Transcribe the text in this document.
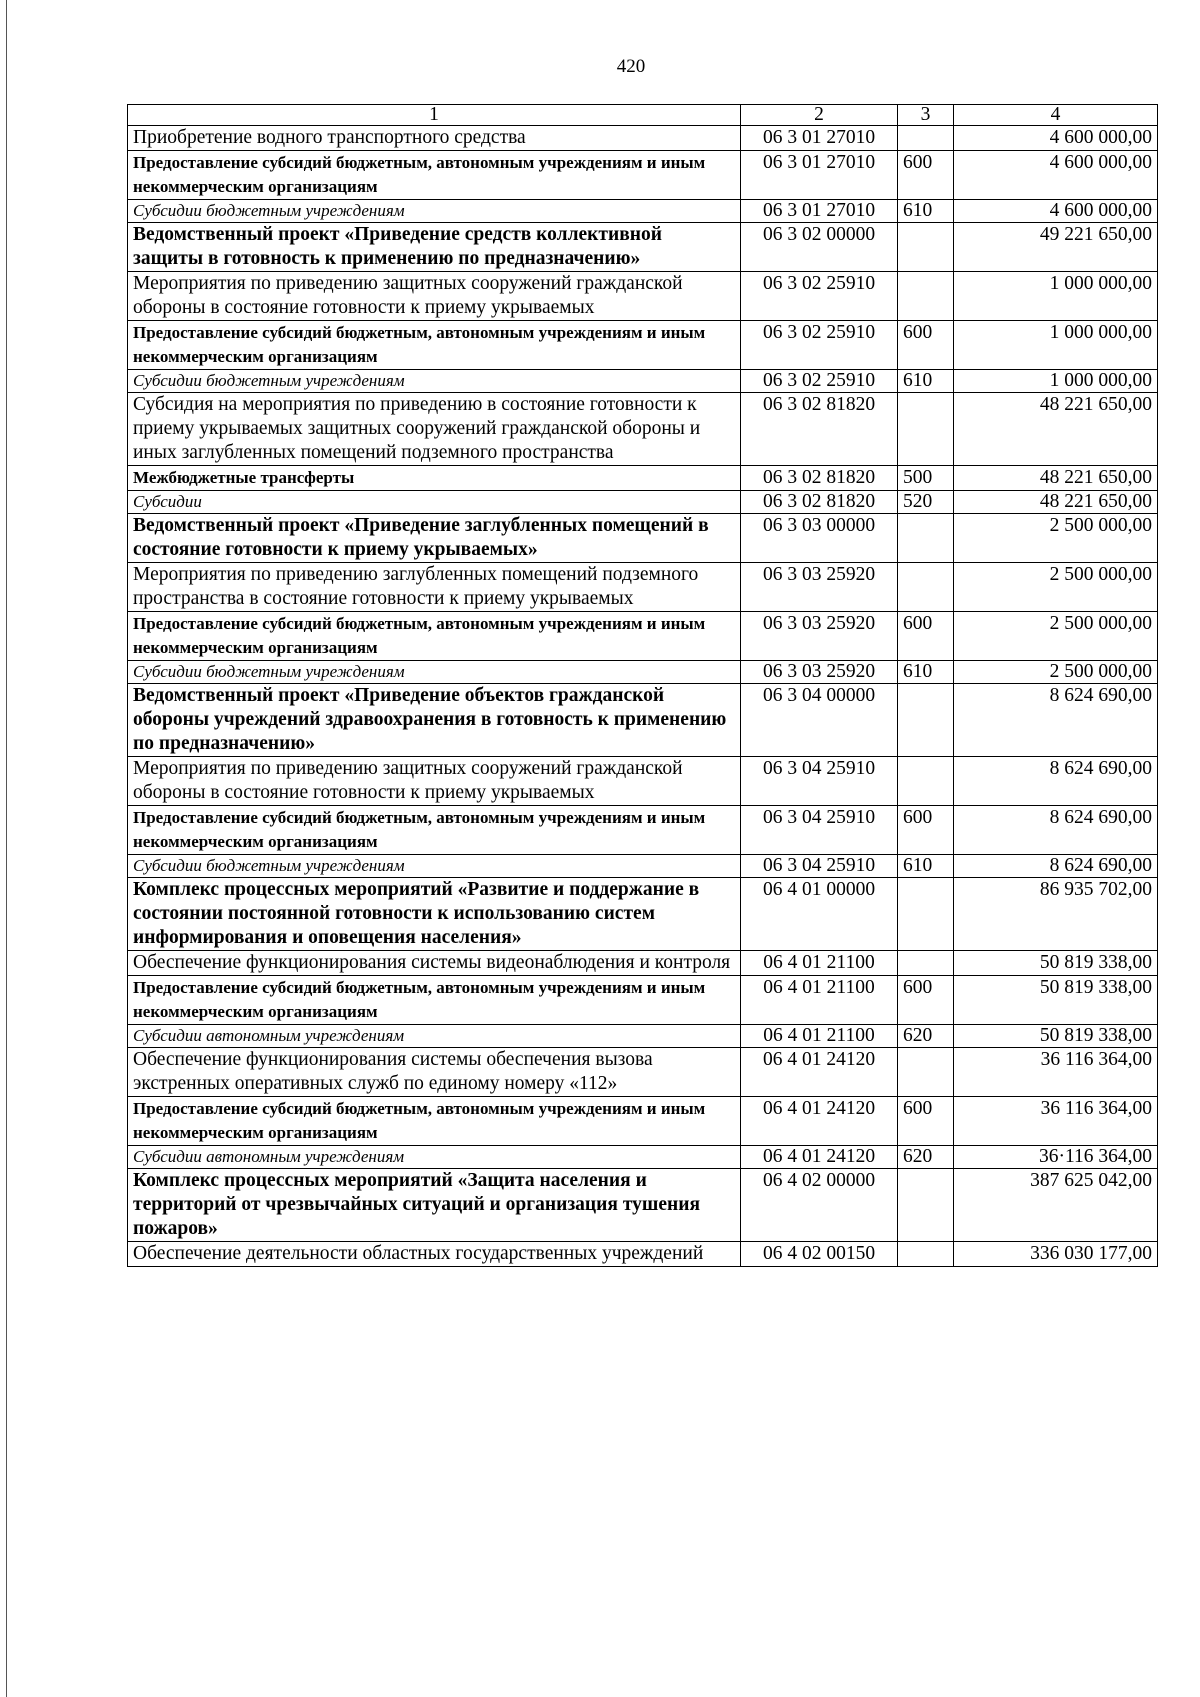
420
1	2	3	4
Приобретение водного транспортного средства	06 3 01 27010		4 600 000,00
Предоставление субсидий бюджетным, автономным учреждениям и иным некоммерческим организациям	06 3 01 27010	600	4 600 000,00
Субсидии бюджетным учреждениям	06 3 01 27010	610	4 600 000,00
Ведомственный проект «Приведение средств коллективной защиты в готовность к применению по предназначению»	06 3 02 00000		49 221 650,00
Мероприятия по приведению защитных сооружений гражданской обороны в состояние готовности к приему укрываемых	06 3 02 25910		1 000 000,00
Предоставление субсидий бюджетным, автономным учреждениям и иным некоммерческим организациям	06 3 02 25910	600	1 000 000,00
Субсидии бюджетным учреждениям	06 3 02 25910	610	1 000 000,00
Субсидия на мероприятия по приведению в состояние готовности к приему укрываемых защитных сооружений гражданской обороны и иных заглубленных помещений подземного пространства	06 3 02 81820		48 221 650,00
Межбюджетные трансферты	06 3 02 81820	500	48 221 650,00
Субсидии	06 3 02 81820	520	48 221 650,00
Ведомственный проект «Приведение заглубленных помещений в состояние готовности к приему укрываемых»	06 3 03 00000		2 500 000,00
Мероприятия по приведению заглубленных помещений подземного пространства в состояние готовности к приему укрываемых	06 3 03 25920		2 500 000,00
Предоставление субсидий бюджетным, автономным учреждениям и иным некоммерческим организациям	06 3 03 25920	600	2 500 000,00
Субсидии бюджетным учреждениям	06 3 03 25920	610	2 500 000,00
Ведомственный проект «Приведение объектов гражданской обороны учреждений здравоохранения в готовность к применению по предназначению»	06 3 04 00000		8 624 690,00
Мероприятия по приведению защитных сооружений гражданской обороны в состояние готовности к приему укрываемых	06 3 04 25910		8 624 690,00
Предоставление субсидий бюджетным, автономным учреждениям и иным некоммерческим организациям	06 3 04 25910	600	8 624 690,00
Субсидии бюджетным учреждениям	06 3 04 25910	610	8 624 690,00
Комплекс процессных мероприятий «Развитие и поддержание в состоянии постоянной готовности к использованию систем информирования и оповещения населения»	06 4 01 00000		86 935 702,00
Обеспечение функционирования системы видеонаблюдения и контроля	06 4 01 21100		50 819 338,00
Предоставление субсидий бюджетным, автономным учреждениям и иным некоммерческим организациям	06 4 01 21100	600	50 819 338,00
Субсидии автономным учреждениям	06 4 01 21100	620	50 819 338,00
Обеспечение функционирования системы обеспечения вызова экстренных оперативных служб по единому номеру «112»	06 4 01 24120		36 116 364,00
Предоставление субсидий бюджетным, автономным учреждениям и иным некоммерческим организациям	06 4 01 24120	600	36 116 364,00
Субсидии автономным учреждениям	06 4 01 24120	620	36·116 364,00
Комплекс процессных мероприятий «Защита населения и территорий от чрезвычайных ситуаций и организация тушения пожаров»	06 4 02 00000		387 625 042,00
Обеспечение деятельности областных государственных учреждений	06 4 02 00150		336 030 177,00
